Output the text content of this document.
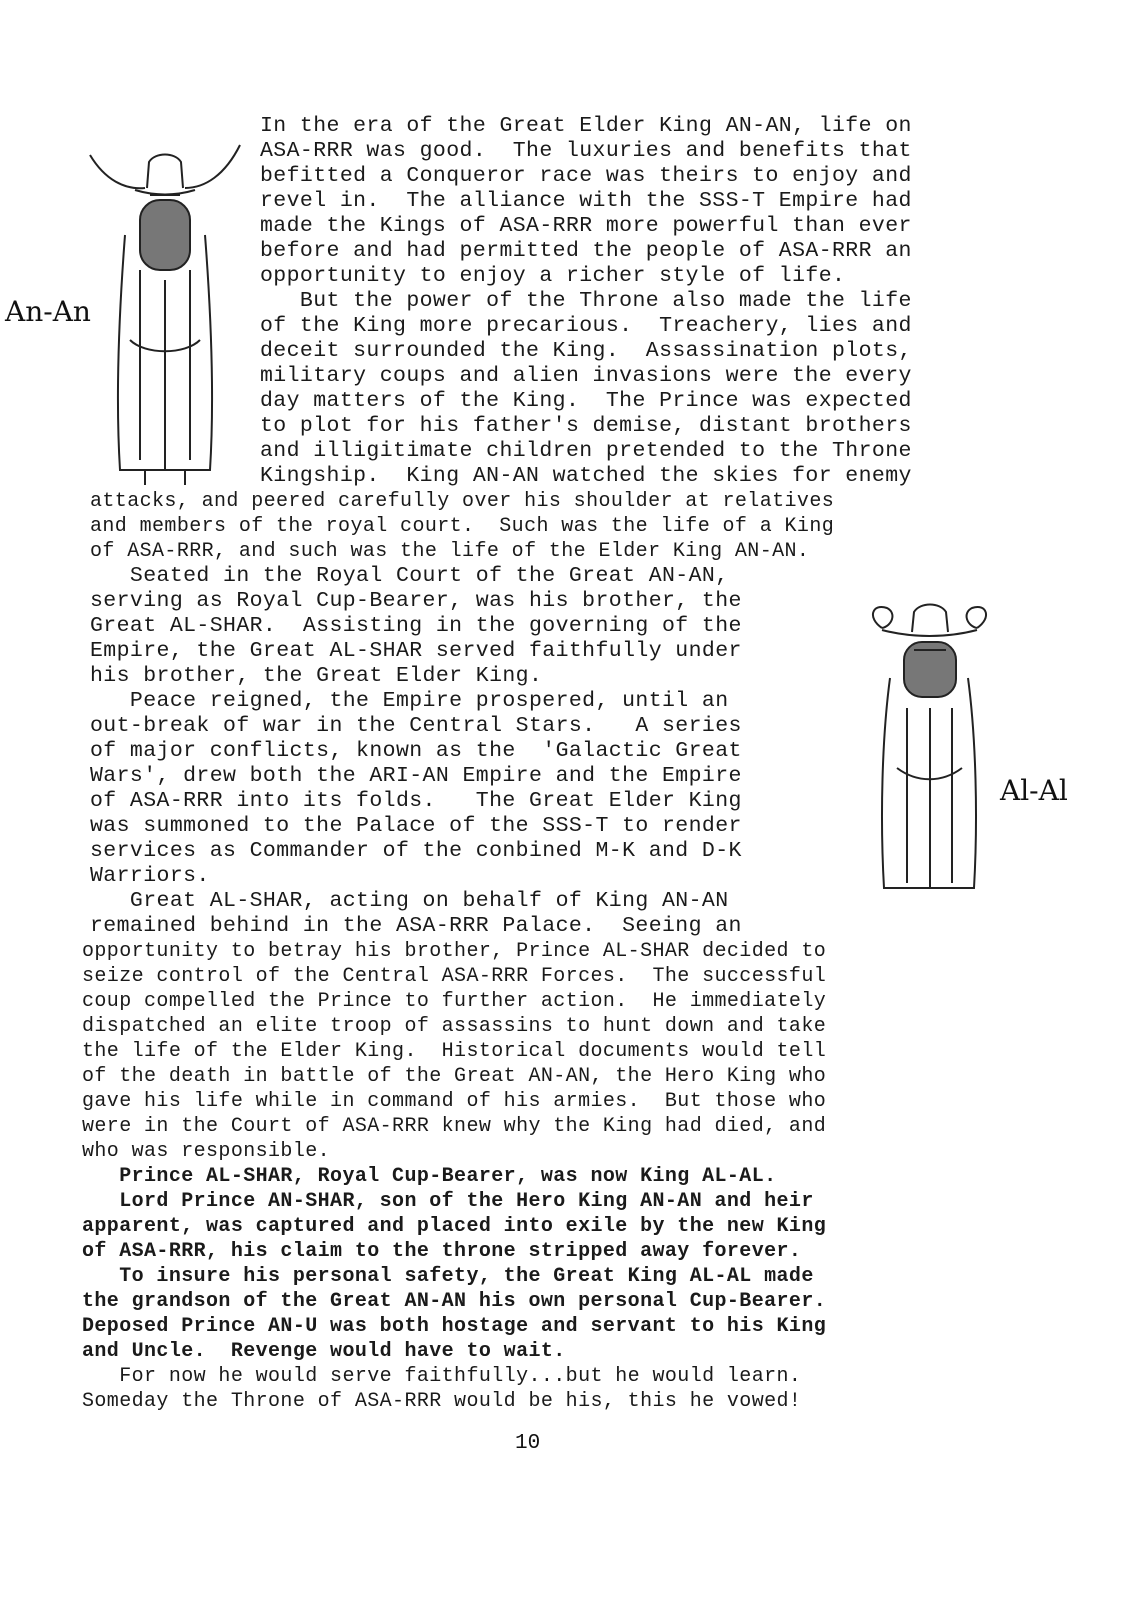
An-An
Al-Al
In the era of the Great Elder King AN-AN, life on
ASA-RRR was good.  The luxuries and benefits that
befitted a Conqueror race was theirs to enjoy and
revel in.  The alliance with the SSS-T Empire had
made the Kings of ASA-RRR more powerful than ever
before and had permitted the people of ASA-RRR an
opportunity to enjoy a richer style of life.
But the power of the Throne also made the life
of the King more precarious.  Treachery, lies and
deceit surrounded the King.  Assassination plots,
military coups and alien invasions were the every
day matters of the King.  The Prince was expected
to plot for his father's demise, distant brothers
and illigitimate children pretended to the Throne
Kingship.  King AN-AN watched the skies for enemy
attacks, and peered carefully over his shoulder at relatives
and members of the royal court.  Such was the life of a King
of ASA-RRR, and such was the life of the Elder King AN-AN.
Seated in the Royal Court of the Great AN-AN,
serving as Royal Cup-Bearer, was his brother, the
Great AL-SHAR.  Assisting in the governing of the
Empire, the Great AL-SHAR served faithfully under
his brother, the Great Elder King.
Peace reigned, the Empire prospered, until an
out-break of war in the Central Stars.   A series
of major conflicts, known as the  'Galactic Great
Wars', drew both the ARI-AN Empire and the Empire
of ASA-RRR into its folds.   The Great Elder King
was summoned to the Palace of the SSS-T to render
services as Commander of the conbined M-K and D-K
Warriors.
Great AL-SHAR, acting on behalf of King AN-AN
remained behind in the ASA-RRR Palace.  Seeing an
opportunity to betray his brother, Prince AL-SHAR decided to
seize control of the Central ASA-RRR Forces.  The successful
coup compelled the Prince to further action.  He immediately
dispatched an elite troop of assassins to hunt down and take
the life of the Elder King.  Historical documents would tell
of the death in battle of the Great AN-AN, the Hero King who
gave his life while in command of his armies.  But those who
were in the Court of ASA-RRR knew why the King had died, and
who was responsible.
Prince AL-SHAR, Royal Cup-Bearer, was now King AL-AL.
Lord Prince AN-SHAR, son of the Hero King AN-AN and heir
apparent, was captured and placed into exile by the new King
of ASA-RRR, his claim to the throne stripped away forever.
To insure his personal safety, the Great King AL-AL made
the grandson of the Great AN-AN his own personal Cup-Bearer.
Deposed Prince AN-U was both hostage and servant to his King
and Uncle.  Revenge would have to wait.
For now he would serve faithfully...but he would learn.
Someday the Throne of ASA-RRR would be his, this he vowed!
10
